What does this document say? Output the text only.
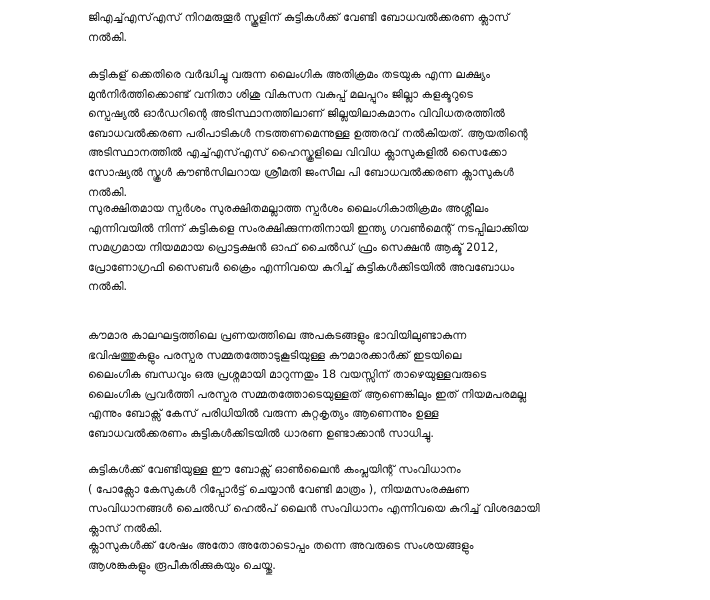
ജിഎച്ച്എസ്എസ് നിറമരുതൂർ സ്കൂളിന് കുട്ടികൾക്ക് വേണ്ടി ബോധവൽക്കരണ ക്ലാസ്
നൽകി.

കുട്ടികള് ക്കെതിരെ വർദ്ധിച്ചു വരുന്ന ലൈംഗിക അതിക്രമം തടയുക എന്ന ലക്ഷ്യം
മുൻനിർത്തിക്കൊണ്ട് വനിതാ ശിശു വികസന വകുപ്പ് മലപ്പുറം ജില്ലാ കളക്ടറുടെ
സ്പെഷ്യൽ ഓർഡറിന്റെ അടിസ്ഥാനത്തിലാണ് ജില്ലയിലാകമാനം വിവിധതരത്തിൽ
ബോധവൽക്കരണ പരിപാടികൾ നടത്തണമെന്നുള്ള ഉത്തരവ് നൽകിയത്. ആയതിന്റെ
അടിസ്ഥാനത്തിൽ എച്ച്എസ്എസ് ഹൈസ്കൂളിലെ വിവിധ ക്ലാസുകളിൽ സൈക്കോ
സോഷ്യൽ സ്കൂൾ കൗൺസിലറായ ശ്രീമതി ജംസീല പി ബോധവൽക്കരണ ക്ലാസുകൾ
നൽകി.

സുരക്ഷിതമായ സ്പർശം സുരക്ഷിതമല്ലാത്ത സ്പർശം ലൈംഗികാതിക്രമം അശ്ലീലം
എന്നിവയിൽ നിന്ന് കുട്ടികളെ സംരക്ഷിക്കുന്നതിനായി ഇന്ത്യ ഗവൺമെന്റ് നടപ്പിലാക്കിയ
സമഗ്രമായ നിയമമായ പ്രൊട്ടക്ഷൻ ഓഫ് ചൈൽഡ് ഫ്രം സെക്ഷൻ ആക്ട് 2012,
പ്രോണോഗ്രഫി സൈബർ ക്രൈം എന്നിവയെ കുറിച്ച് കുട്ടികൾക്കിടയിൽ അവബോധം
നൽകി.

കൗമാര കാലഘട്ടത്തിലെ പ്രണയത്തിലെ അപകടങ്ങളും ഭാവിയിലുണ്ടാകുന്ന
ഭവിഷത്തുകളും പരസ്പര സമ്മതത്തോടുകൂടിയുള്ള കൗമാരക്കാർക്ക് ഇടയിലെ
ലൈംഗിക ബന്ധവും ഒരു പ്രശ്നമായി മാറുന്നതും 18 വയസ്സിന് താഴെയുള്ളവരുടെ
ലൈംഗിക പ്രവർത്തി പരസ്പര സമ്മതത്തോടെയുള്ളത് ആണെങ്കിലും ഇത് നിയമപരമല്ല
എന്നും ബോക്സ് കേസ് പരിധിയിൽ വരുന്ന കുറ്റകൃത്യം ആണെന്നും ഉള്ള
ബോധവൽക്കരണം കുട്ടികൾക്കിടയിൽ ധാരണ ഉണ്ടാക്കാൻ സാധിച്ചു.

കുട്ടികൾക്ക് വേണ്ടിയുള്ള ഈ ബോക്സ് ഓൺലൈൻ കംപ്ലയിന്റ് സംവിധാനം
( പോക്സോ കേസുകൾ റിപ്പോർട്ട് ചെയ്യാൻ വേണ്ടി മാത്രം ), നിയമസംരക്ഷണ
സംവിധാനങ്ങൾ ചൈൽഡ് ഹെൽപ് ലൈൻ സംവിധാനം എന്നിവയെ കുറിച്ച് വിശദമായി
ക്ലാസ് നൽകി.

ക്ലാസുകൾക്ക് ശേഷം അതോ അതോടൊപ്പം തന്നെ അവരുടെ സംശയങ്ങളും
ആശങ്കകളും രൂപീകരിക്കുകയും ചെയ്തു.
